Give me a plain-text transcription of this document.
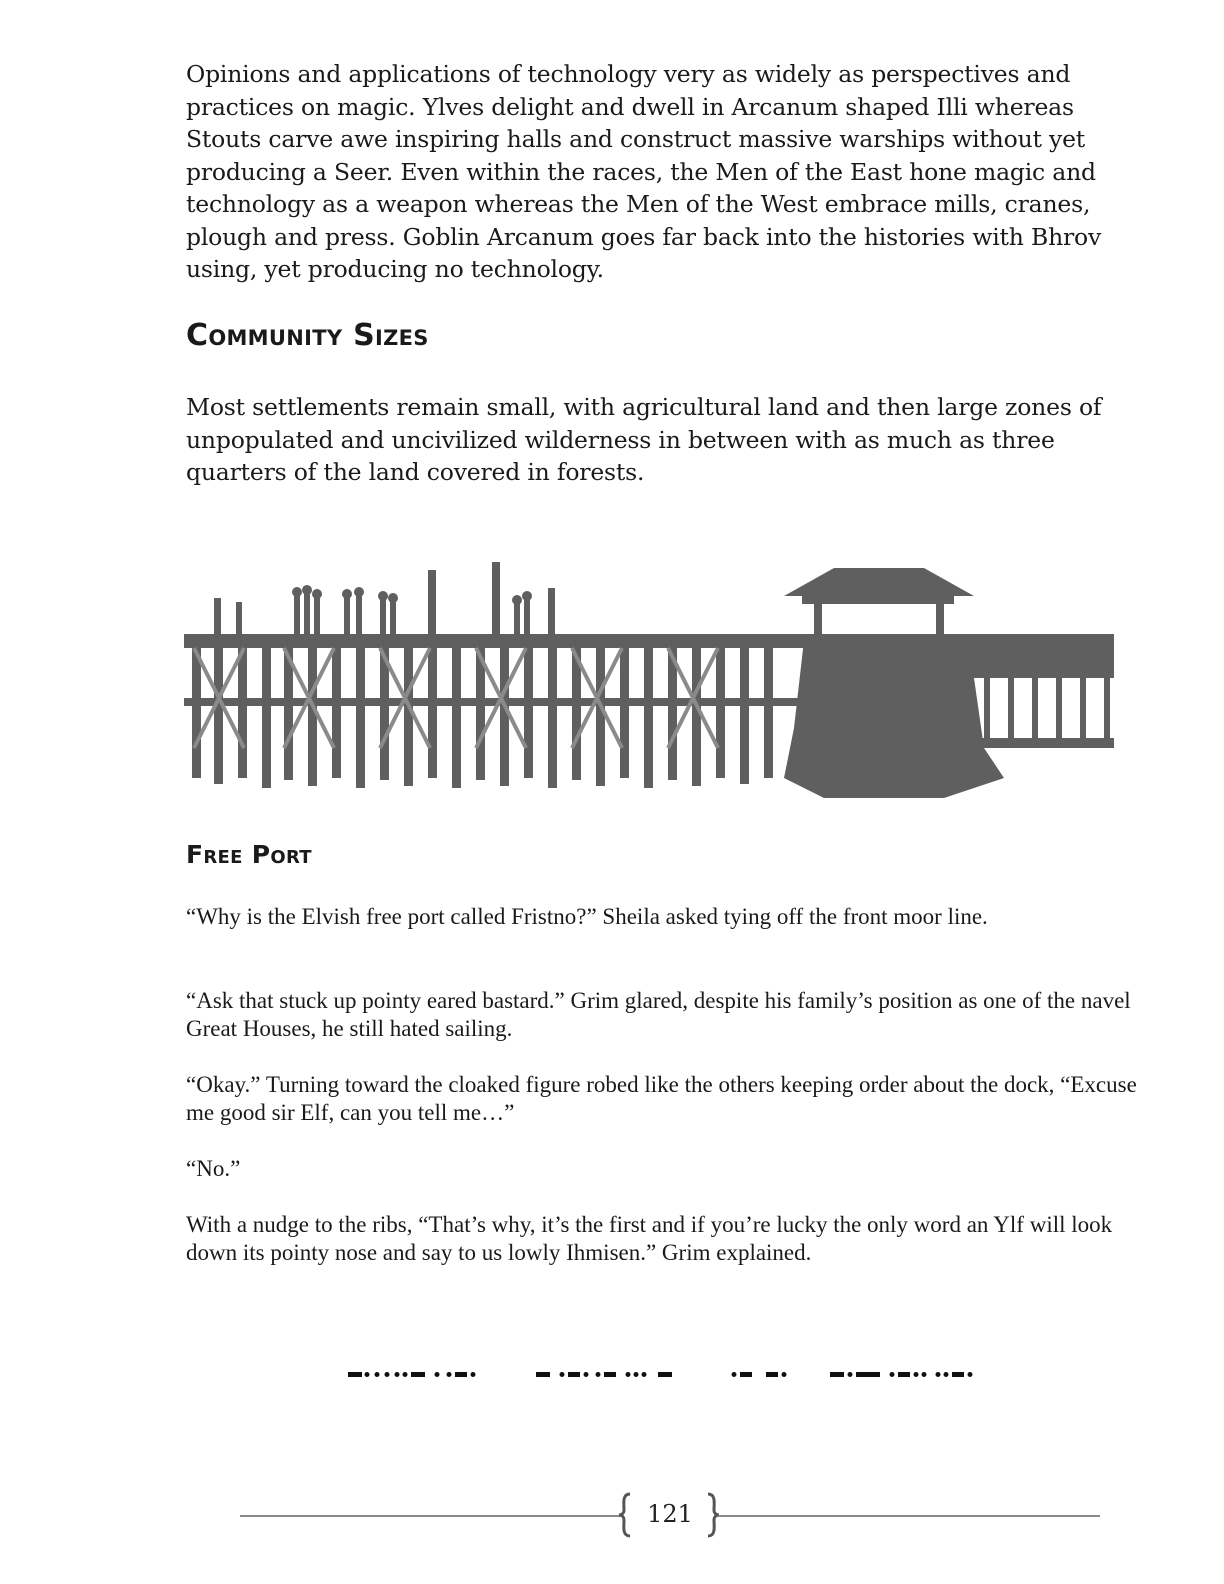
Opinions and applications of technology very as widely as perspectives and practices on magic. Ylves delight and dwell in Arcanum shaped Illi whereas Stouts carve awe inspiring halls and construct massive warships without yet producing a Seer. Even within the races, the Men of the East hone magic and technology as a weapon whereas the Men of the West embrace mills, cranes, plough and press. Goblin Arcanum goes far back into the histories with Bhrov using, yet producing no technology.

Community Sizes

Most settlements remain small, with agricultural land and then large zones of unpopulated and uncivilized wilderness in between with as much as three quarters of the land covered in forests.

Free Port

“Why is the Elvish free port called Fristno?” Sheila asked tying off the front moor line.

“Ask that stuck up pointy eared bastard.” Grim glared, despite his family’s position as one of the navel Great Houses, he still hated sailing.

“Okay.” Turning toward the cloaked figure robed like the others keeping order about the dock, “Excuse me good sir Elf, can you tell me…”

“No.”

With a nudge to the ribs, “That’s why, it’s the first and if you’re lucky the only word an Ylf will look down its pointy nose and say to us lowly Ihmisen.” Grim explained.

121
